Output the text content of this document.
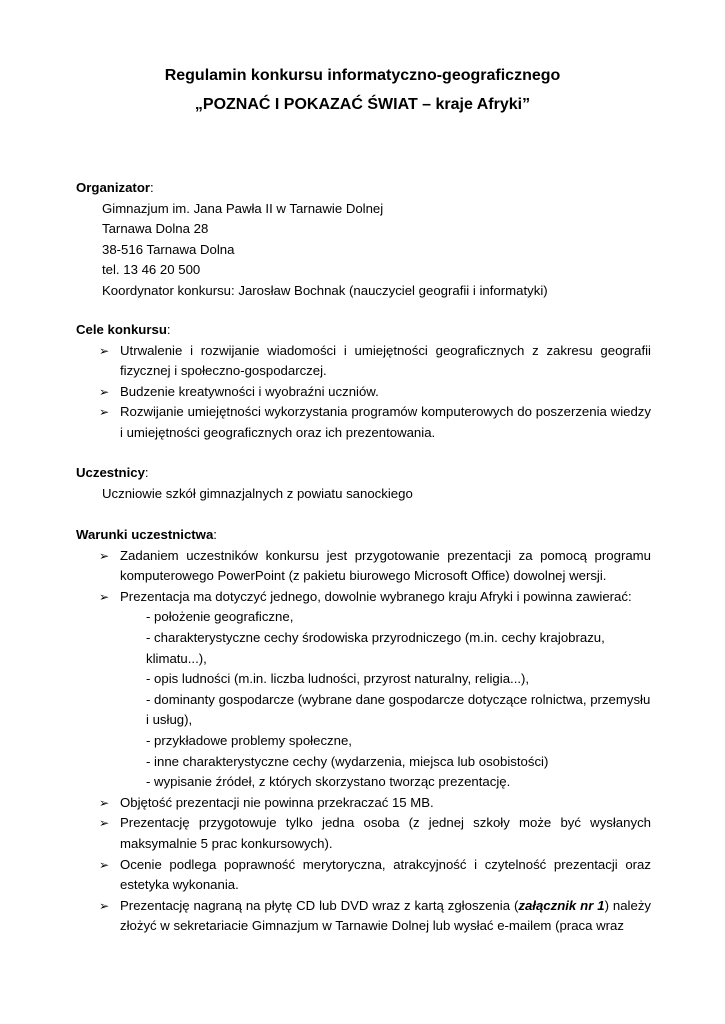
Regulamin konkursu informatyczno-geograficznego
„POZNAĆ I POKAZAĆ ŚWIAT – kraje Afryki”
Organizator:
Gimnazjum im. Jana Pawła II w Tarnawie Dolnej
Tarnawa Dolna 28
38-516 Tarnawa Dolna
tel. 13 46 20 500
Koordynator konkursu: Jarosław Bochnak (nauczyciel geografii i informatyki)
Cele konkursu:
➢ Utrwalenie i rozwijanie wiadomości i umiejętności geograficznych z zakresu geografii fizycznej i społeczno-gospodarczej.
➢ Budzenie kreatywności i wyobraźni uczniów.
➢ Rozwijanie umiejętności wykorzystania programów komputerowych do poszerzenia wiedzy i umiejętności geograficznych oraz ich prezentowania.
Uczestnicy:
Uczniowie szkół gimnazjalnych z powiatu sanockiego
Warunki uczestnictwa:
➢ Zadaniem uczestników konkursu jest przygotowanie prezentacji za pomocą programu komputerowego PowerPoint (z pakietu biurowego Microsoft Office) dowolnej wersji.
➢ Prezentacja ma dotyczyć jednego, dowolnie wybranego kraju Afryki i powinna zawierać:
- położenie geograficzne,
- charakterystyczne cechy środowiska przyrodniczego (m.in. cechy krajobrazu, klimatu...),
- opis ludności (m.in. liczba ludności, przyrost naturalny, religia...),
- dominanty gospodarcze (wybrane dane gospodarcze dotyczące rolnictwa, przemysłu i usług),
- przykładowe problemy społeczne,
- inne charakterystyczne cechy (wydarzenia, miejsca lub osobistości)
- wypisanie źródeł, z których skorzystano tworząc prezentację.
➢ Objętość prezentacji nie powinna przekraczać 15 MB.
➢ Prezentację przygotowuje tylko jedna osoba (z jednej szkoły może być wysłanych maksymalnie 5 prac konkursowych).
➢ Ocenie podlega poprawność merytoryczna, atrakcyjność i czytelność prezentacji oraz estetyka wykonania.
➢ Prezentację nagraną na płytę CD lub DVD wraz z kartą zgłoszenia (załącznik nr 1) należy złożyć w sekretariacie Gimnazjum w Tarnawie Dolnej lub wysłać e-mailem (praca wraz
